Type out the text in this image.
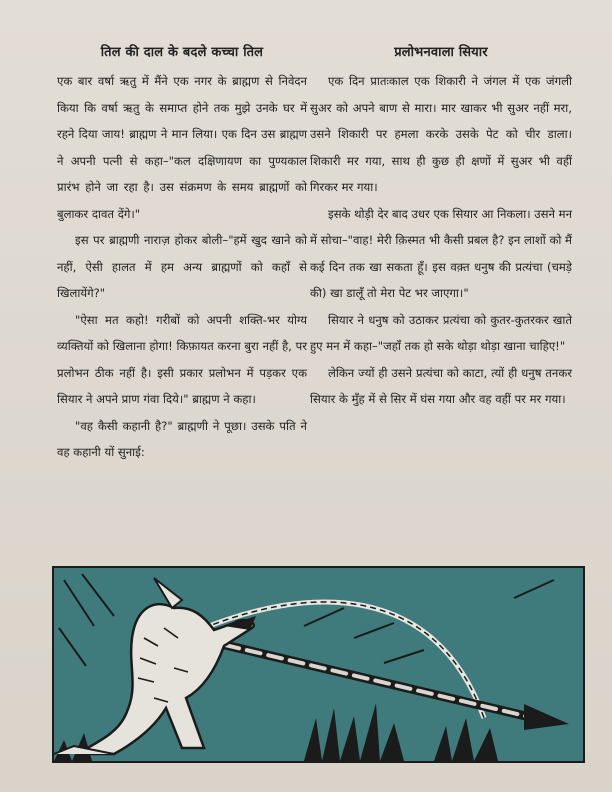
तिल की दाल के बदले कच्चा तिल

एक बार वर्षा ऋतु में मैंने एक नगर के ब्राह्मण से निवेदन किया कि वर्षा ऋतु के समाप्त होने तक मुझे उनके घर में रहने दिया जाय! ब्राह्मण ने मान लिया। एक दिन उस ब्राह्मण ने अपनी पत्नी से कहा–"कल दक्षिणायण का पुण्यकाल प्रारंभ होने जा रहा है। उस संक्रमण के समय ब्राह्मणों को बुलाकर दावत देंगे।"

इस पर ब्राह्मणी नाराज़ होकर बोली–"हमें खुद खाने को नहीं, ऐसी हालत में हम अन्य ब्राह्मणों को कहाँ से खिलायेंगे?"

"ऐसा मत कहो! गरीबों को अपनी शक्ति-भर योग्य व्यक्तियों को खिलाना होगा! किफ़ायत करना बुरा नहीं है, पर प्रलोभन ठीक नहीं है। इसी प्रकार प्रलोभन में पड़कर एक सियार ने अपने प्राण गंवा दिये।" ब्राह्मण ने कहा।

"वह कैसी कहानी है?" ब्राह्मणी ने पूछा। उसके पति ने वह कहानी यों सुनाई:

प्रलोभनवाला सियार

एक दिन प्रातःकाल एक शिकारी ने जंगल में एक जंगली सुअर को अपने बाण से मारा। मार खाकर भी सुअर नहीं मरा, उसने शिकारी पर हमला करके उसके पेट को चीर डाला। शिकारी मर गया, साथ ही कुछ ही क्षणों में सुअर भी वहीं गिरकर मर गया।

इसके थोड़ी देर बाद उधर एक सियार आ निकला। उसने मन में सोचा–"वाह! मेरी क़िस्मत भी कैसी प्रबल है? इन लाशों को मैं कई दिन तक खा सकता हूँ। इस वक़्त धनुष की प्रत्यंचा (चमड़े की) खा डालूँ तो मेरा पेट भर जाएगा।"

सियार ने धनुष को उठाकर प्रत्यंचा को कुतर-कुतरकर खाते हुए मन में कहा–"जहाँ तक हो सके थोड़ा थोड़ा खाना चाहिए!"

लेकिन ज्यों ही उसने प्रत्यंचा को काटा, त्यों ही धनुष तनकर सियार के मुँह में से सिर में घंस गया और वह वहीं पर मर गया।
